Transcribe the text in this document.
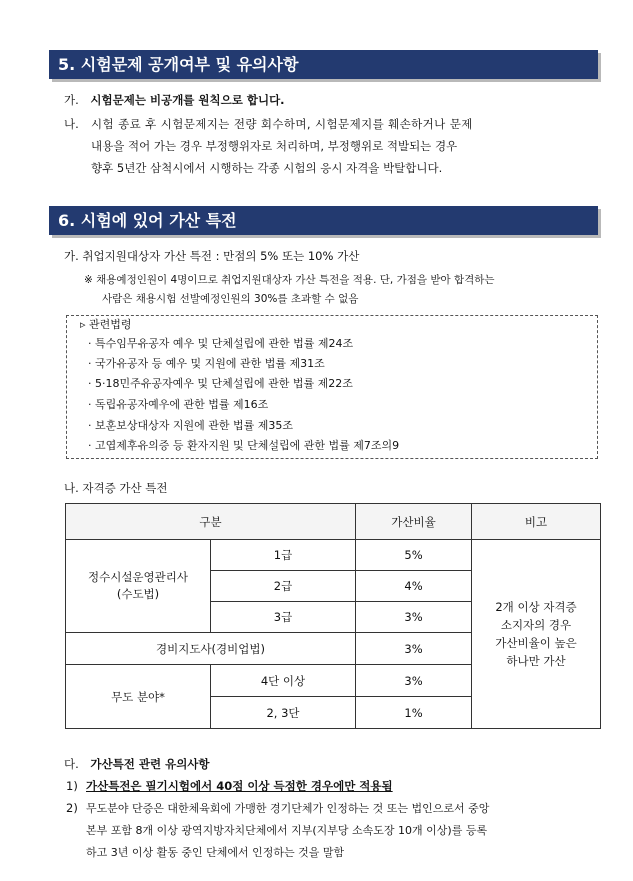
5. 시험문제 공개여부 및 유의사항
가. 시험문제는 비공개를 원칙으로 합니다.
나. 시험 종료 후 시험문제지는 전량 회수하며, 시험문제지를 훼손하거나 문제
내용을 적어 가는 경우 부정행위자로 처리하며, 부정행위로 적발되는 경우
향후 5년간 삼척시에서 시행하는 각종 시험의 응시 자격을 박탈합니다.
6. 시험에 있어 가산 특전
가. 취업지원대상자 가산 특전 : 만점의 5% 또는 10% 가산
※ 채용예정인원이 4명이므로 취업지원대상자 가산 특전을 적용. 단, 가점을 받아 합격하는
사람은 채용시험 선발예정인원의 30%를 초과할 수 없음
▹ 관련법령
· 특수임무유공자 예우 및 단체설립에 관한 법률 제24조
· 국가유공자 등 예우 및 지원에 관한 법률 제31조
· 5·18민주유공자예우 및 단체설립에 관한 법률 제22조
· 독립유공자예우에 관한 법률 제16조
· 보훈보상대상자 지원에 관한 법률 제35조
· 고엽제후유의증 등 환자지원 및 단체설립에 관한 법률 제7조의9
나. 자격증 가산 특전
구분		가산비율	비고
정수시설운영관리사
(수도법)	1급	5%	2개 이상 자격증
소지자의 경우
가산비율이 높은
하나만 가산
	2급	4%	
	3급	3%	
경비지도사(경비업법)		3%	
무도 분야*	4단 이상	3%	
	2, 3단	1%	
다. 가산특전 관련 유의사항
1) 가산특전은 필기시험에서 40점 이상 득점한 경우에만 적용됨
2) 무도분야 단증은 대한체육회에 가맹한 경기단체가 인정하는 것 또는 법인으로서 중앙
본부 포함 8개 이상 광역지방자치단체에서 지부(지부당 소속도장 10개 이상)를 등록
하고 3년 이상 활동 중인 단체에서 인정하는 것을 말함
